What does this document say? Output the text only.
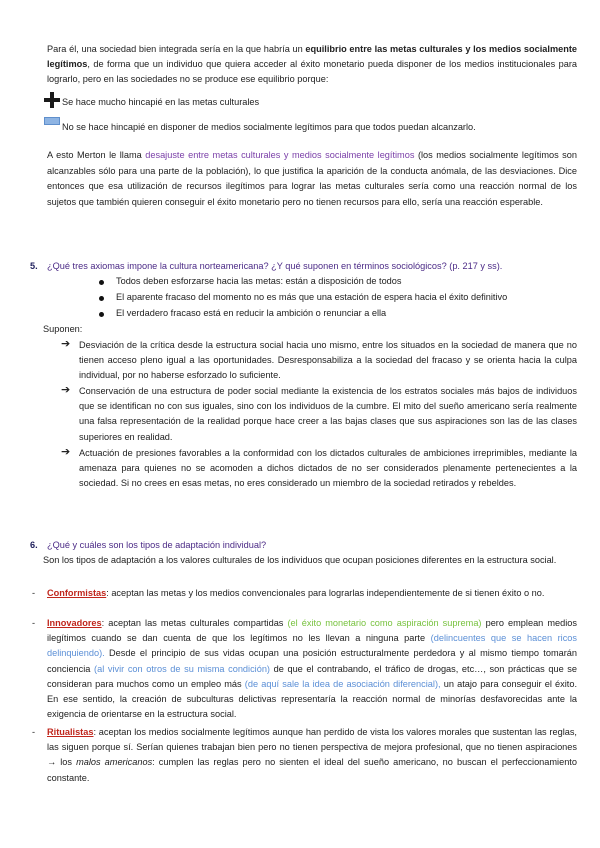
Para él, una sociedad bien integrada sería en la que habría un equilibrio entre las metas culturales y los medios socialmente legítimos, de forma que un individuo que quiera acceder al éxito monetario pueda disponer de los medios institucionales para lograrlo, pero en las sociedades no se produce ese equilibrio porque:
Se hace mucho hincapié en las metas culturales
No se hace hincapié en disponer de medios socialmente legítimos para que todos puedan alcanzarlo.
A esto Merton le llama desajuste entre metas culturales y medios socialmente legítimos (los medios socialmente legítimos son alcanzables sólo para una parte de la población), lo que justifica la aparición de la conducta anómala, de las desviaciones. Dice entonces que esa utilización de recursos ilegítimos para lograr las metas culturales sería como una reacción normal de los sujetos que también quieren conseguir el éxito monetario pero no tienen recursos para ello, sería una reacción esperable.
5. ¿Qué tres axiomas impone la cultura norteamericana? ¿Y qué suponen en términos sociológicos? (p. 217 y ss).
Todos deben esforzarse hacia las metas: están a disposición de todos
El aparente fracaso del momento no es más que una estación de espera hacia el éxito definitivo
El verdadero fracaso está en reducir la ambición o renunciar a ella
Suponen:
➔ Desviación de la crítica desde la estructura social hacia uno mismo, entre los situados en la sociedad de manera que no tienen acceso pleno igual a las oportunidades. Desresponsabiliza a la sociedad del fracaso y se orienta hacia la culpa individual, por no haberse esforzado lo suficiente.
➔ Conservación de una estructura de poder social mediante la existencia de los estratos sociales más bajos de individuos que se identifican no con sus iguales, sino con los individuos de la cumbre. El mito del sueño americano sería realmente una falsa representación de la realidad porque hace creer a las bajas clases que sus aspiraciones son las de las clases superiores en realidad.
➔ Actuación de presiones favorables a la conformidad con los dictados culturales de ambiciones irreprimibles, mediante la amenaza para quienes no se acomoden a dichos dictados de no ser considerados plenamente pertenecientes a la sociedad. Si no crees en esas metas, no eres considerado un miembro de la sociedad retirados y rebeldes.
6. ¿Qué y cuáles son los tipos de adaptación individual?
Son los tipos de adaptación a los valores culturales de los individuos que ocupan posiciones diferentes en la estructura social.
- Conformistas: aceptan las metas y los medios convencionales para lograrlas independientemente de si tienen éxito o no.
- Innovadores: aceptan las metas culturales compartidas (el éxito monetario como aspiración suprema) pero emplean medios ilegítimos cuando se dan cuenta de que los legítimos no les llevan a ninguna parte (delincuentes que se hacen ricos delinquiendo). Desde el principio de sus vidas ocupan una posición estructuralmente perdedora y al mismo tiempo tomarán conciencia (al vivir con otros de su misma condición) de que el contrabando, el tráfico de drogas, etc…, son prácticas que se consideran para muchos como un empleo más (de aquí sale la idea de asociación diferencial), un atajo para conseguir el éxito. En ese sentido, la creación de subculturas delictivas representaría la reacción normal de minorías desfavorecidas ante la exigencia de orientarse en la estructura social.
- Ritualistas: aceptan los medios socialmente legítimos aunque han perdido de vista los valores morales que sustentan las reglas, las siguen porque sí. Serían quienes trabajan bien pero no tienen perspectiva de mejora profesional, que no tienen aspiraciones → los malos americanos: cumplen las reglas pero no sienten el ideal del sueño americano, no buscan el perfeccionamiento constante.
